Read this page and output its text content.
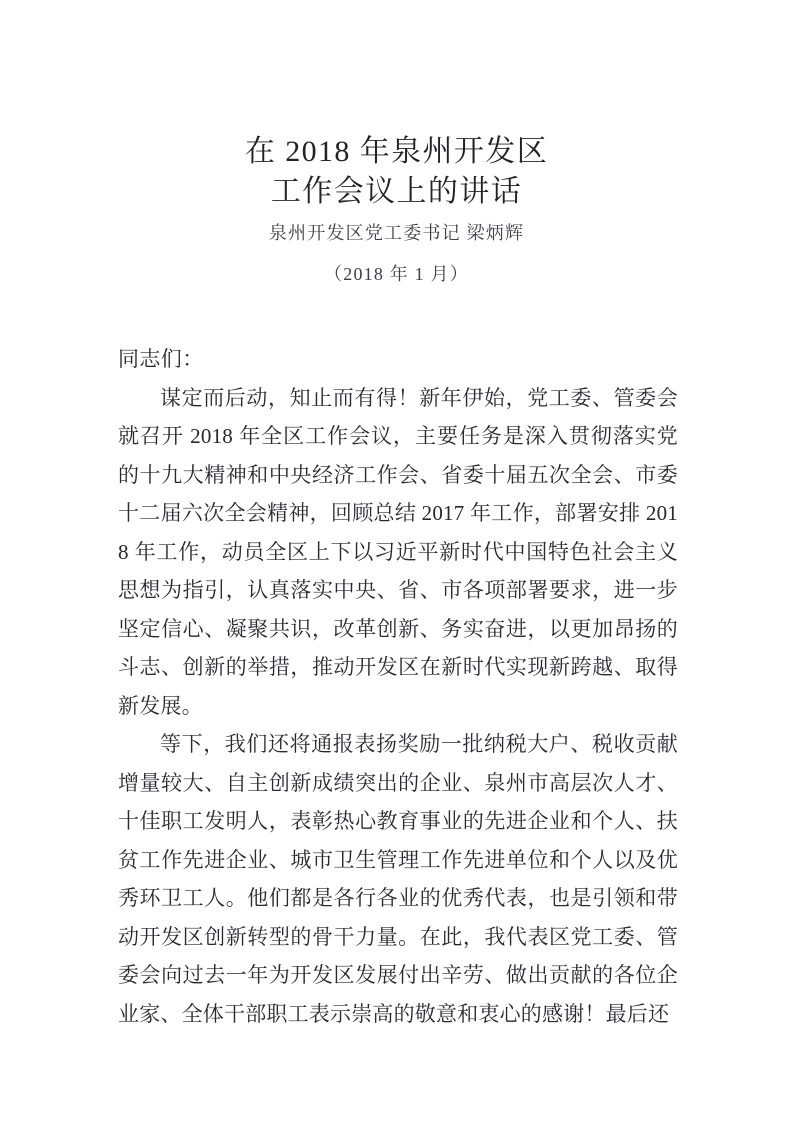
在 2018 年泉州开发区
工作会议上的讲话
泉州开发区党工委书记 梁炳辉
（2018 年 1 月）

同志们：

谋定而后动，知止而有得！新年伊始，党工委、管委会就召开 2018 年全区工作会议，主要任务是深入贯彻落实党的十九大精神和中央经济工作会、省委十届五次全会、市委十二届六次全会精神，回顾总结 2017 年工作，部署安排 2018 年工作，动员全区上下以习近平新时代中国特色社会主义思想为指引，认真落实中央、省、市各项部署要求，进一步坚定信心、凝聚共识，改革创新、务实奋进，以更加昂扬的斗志、创新的举措，推动开发区在新时代实现新跨越、取得新发展。

等下，我们还将通报表扬奖励一批纳税大户、税收贡献增量较大、自主创新成绩突出的企业、泉州市高层次人才、十佳职工发明人，表彰热心教育事业的先进企业和个人、扶贫工作先进企业、城市卫生管理工作先进单位和个人以及优秀环卫工人。他们都是各行各业的优秀代表，也是引领和带动开发区创新转型的骨干力量。在此，我代表区党工委、管委会向过去一年为开发区发展付出辛劳、做出贡献的各位企业家、全体干部职工表示崇高的敬意和衷心的感谢！最后还
